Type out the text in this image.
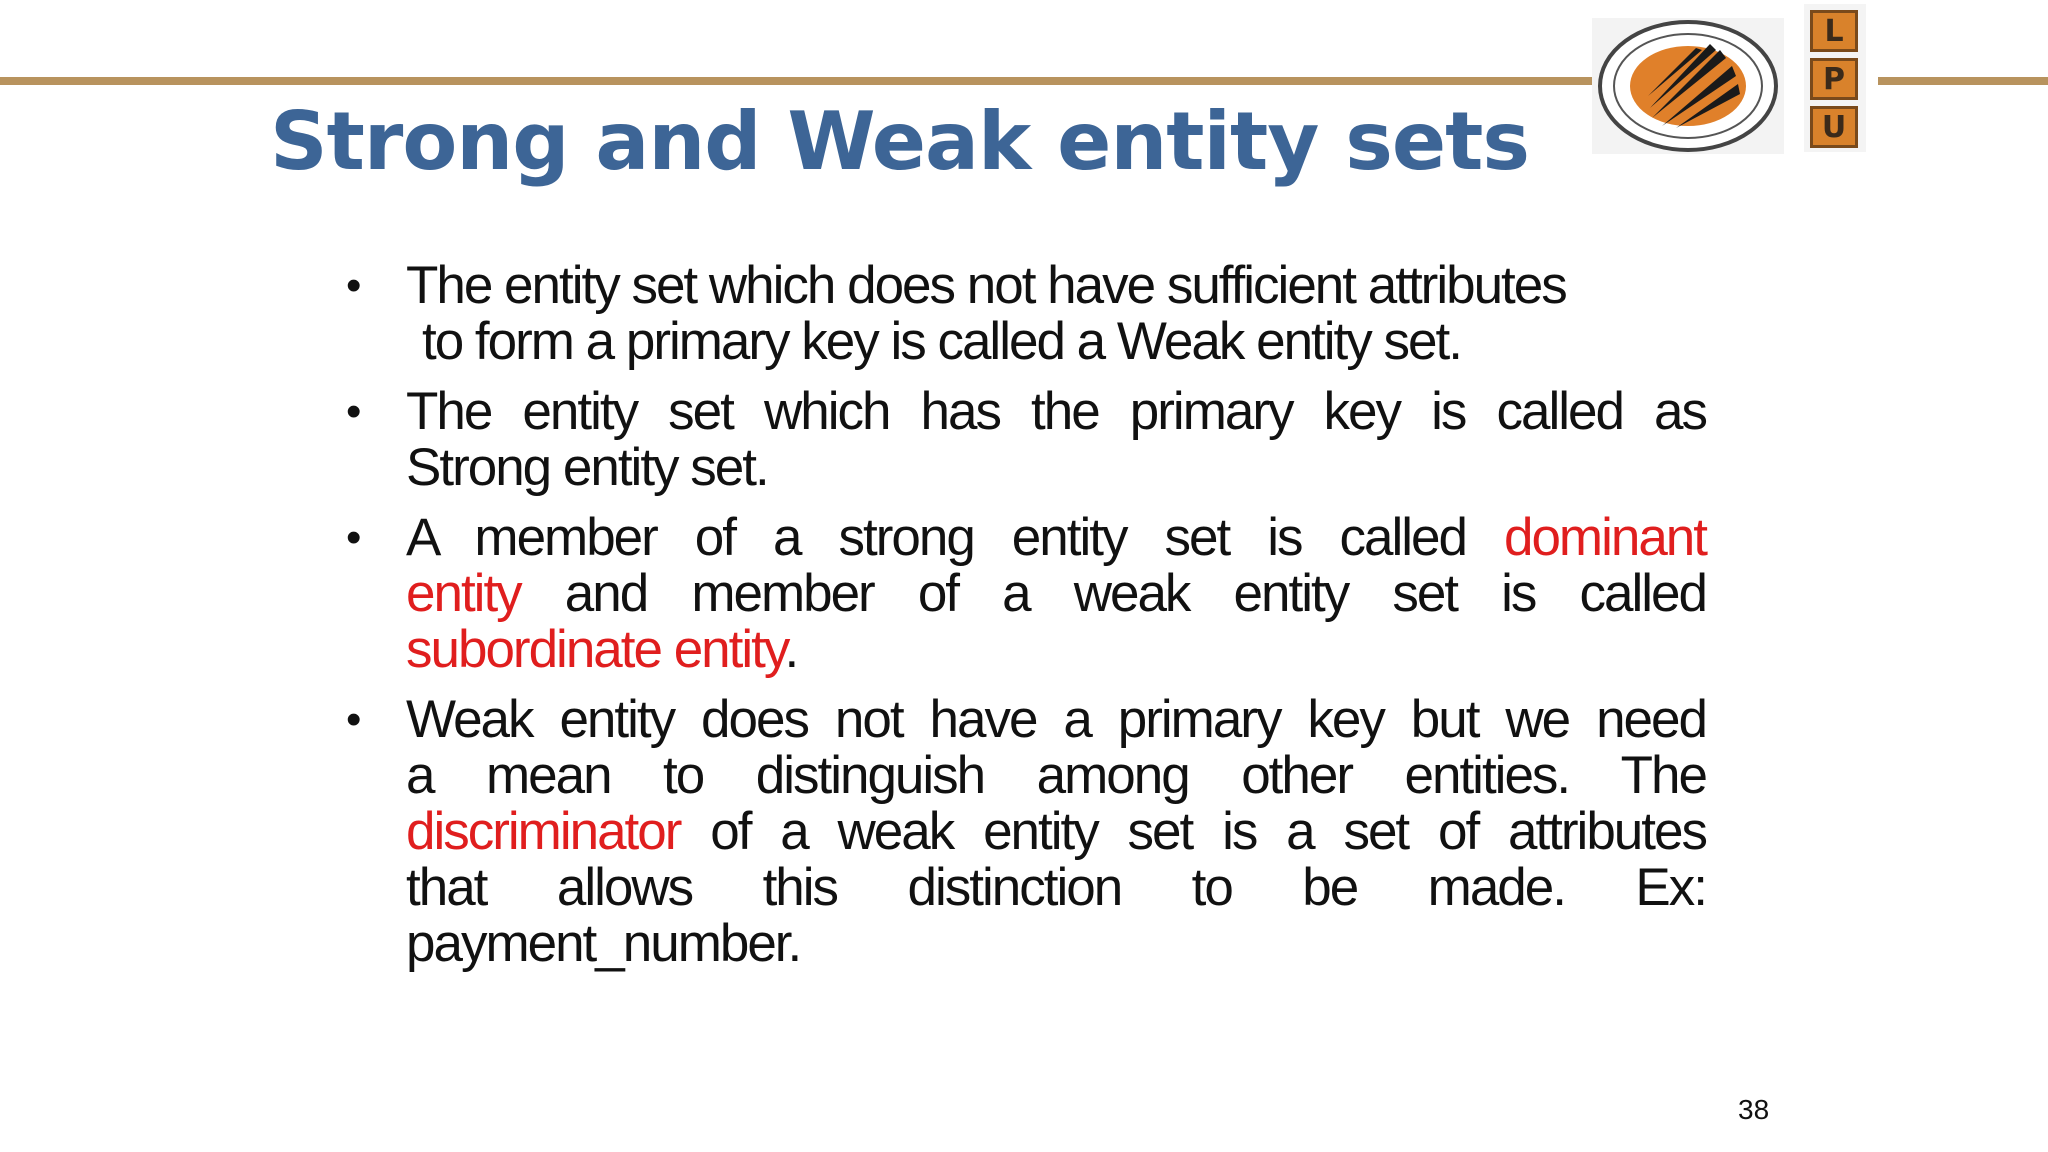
Strong and Weak entity sets
L
P
U
• The entity set which does not have sufficient attributes
to form a primary key is called a Weak entity set.
• The entity set which has the primary key is called as
Strong entity set.
• A member of a strong entity set is called dominant
entity and member of a weak entity set is called
subordinate entity.
• Weak entity does not have a primary key but we need
a mean to distinguish among other entities. The
discriminator of a weak entity set is a set of attributes
that allows this distinction to be made. Ex:
payment_number.
38
